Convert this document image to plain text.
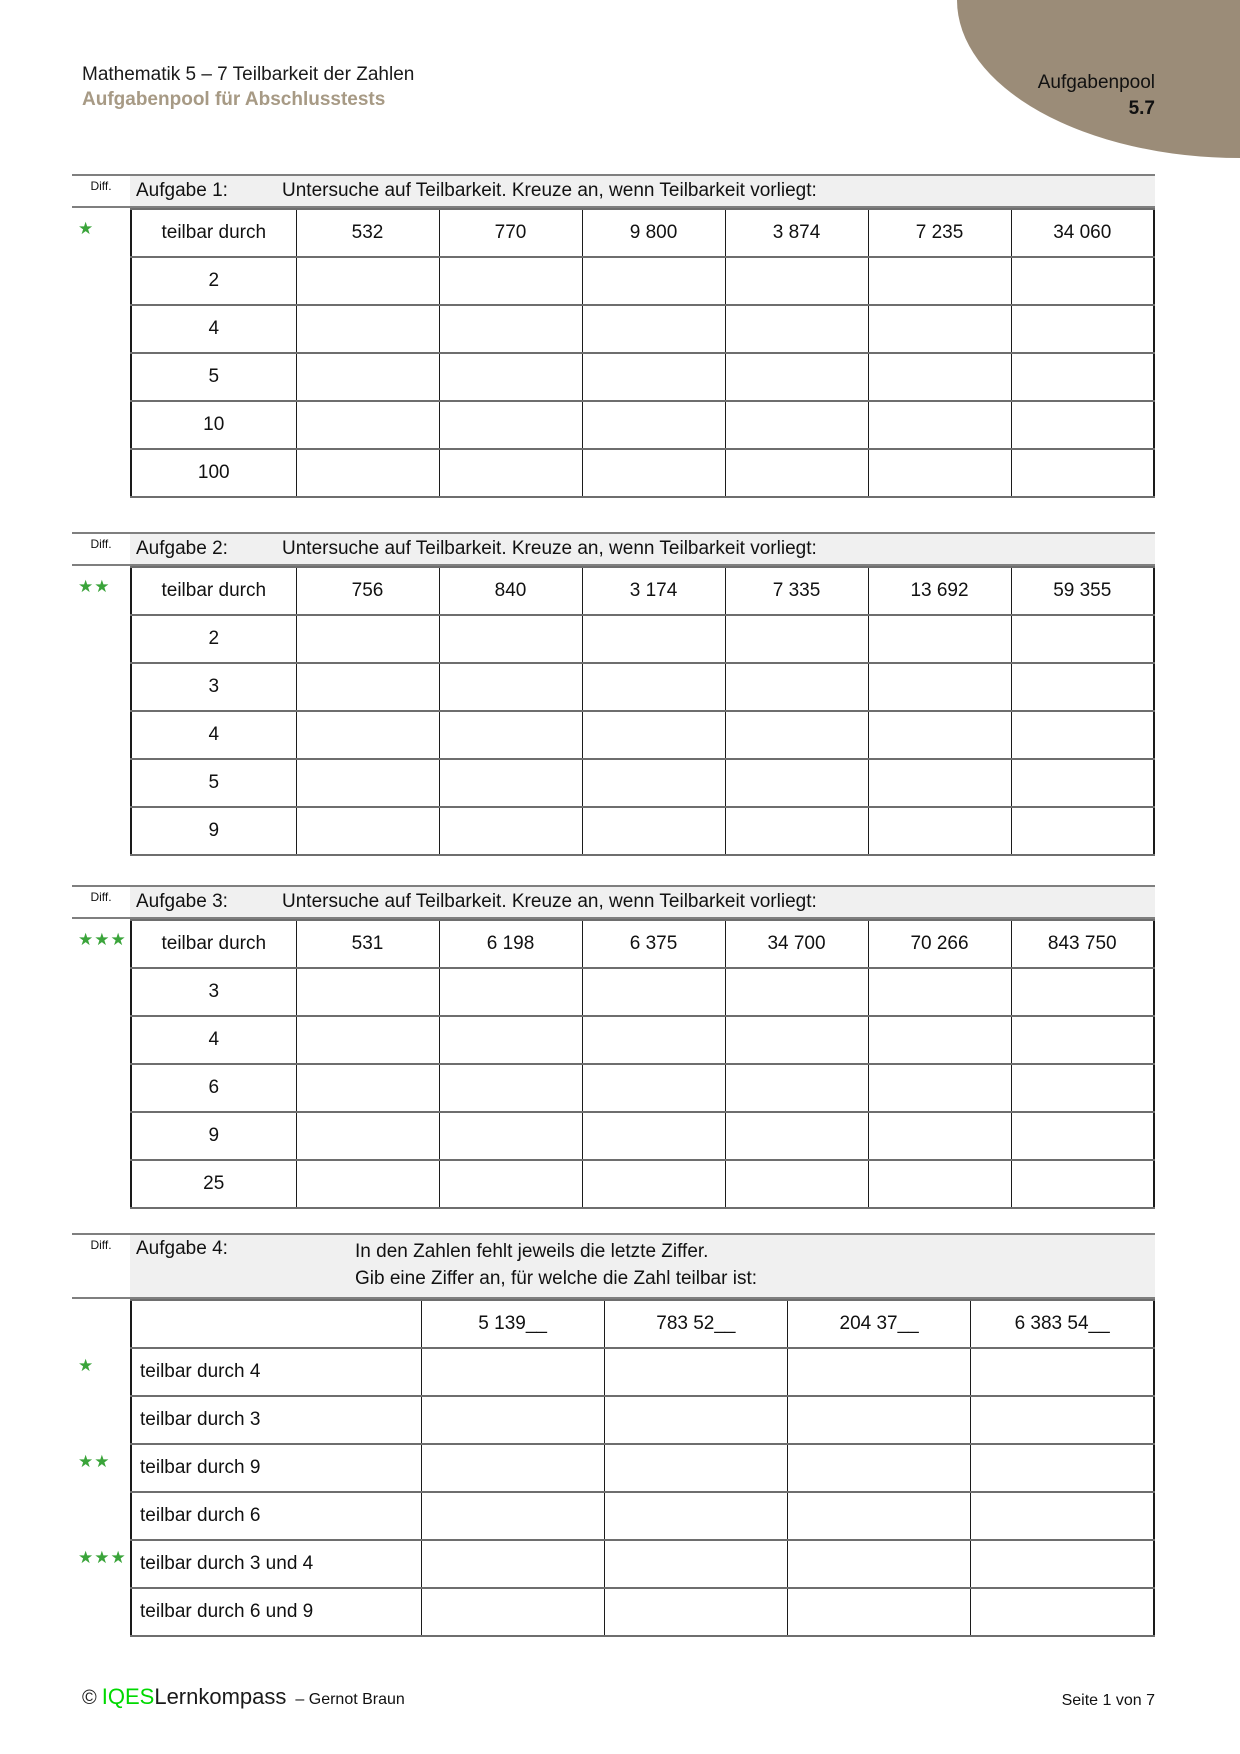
Aufgabenpool
5.7
Mathematik 5 – 7 Teilbarkeit der Zahlen
Aufgabenpool für Abschlusstests
Diff.	Aufgabe 1:	Untersuche auf Teilbarkeit. Kreuze an, wenn Teilbarkeit vorliegt:
★	teilbar durch	532	770	9 800	3 874	7 235	34 060
2						
4						
5						
10						
100						
Diff.	Aufgabe 2:	Untersuche auf Teilbarkeit. Kreuze an, wenn Teilbarkeit vorliegt:
★★	teilbar durch	756	840	3 174	7 335	13 692	59 355
2						
3						
4						
5						
9						
Diff.	Aufgabe 3:	Untersuche auf Teilbarkeit. Kreuze an, wenn Teilbarkeit vorliegt:
★★★ teilbar durch	531	6 198	6 375	34 700	70 266	843 750
3						
4						
6						
9						
25						
Diff.	Aufgabe 4:	In den Zahlen fehlt jeweils die letzte Ziffer.
Gib eine Ziffer an, für welche die Zahl teilbar ist:
★
★★
★★★
	5 139__	783 52__	204 37__	6 383 54__
teilbar durch 4				
teilbar durch 3				
teilbar durch 9				
teilbar durch 6				
teilbar durch 3 und 4				
teilbar durch 6 und 9				
© IQES Lernkompass – Gernot Braun	Seite 1 von 7
